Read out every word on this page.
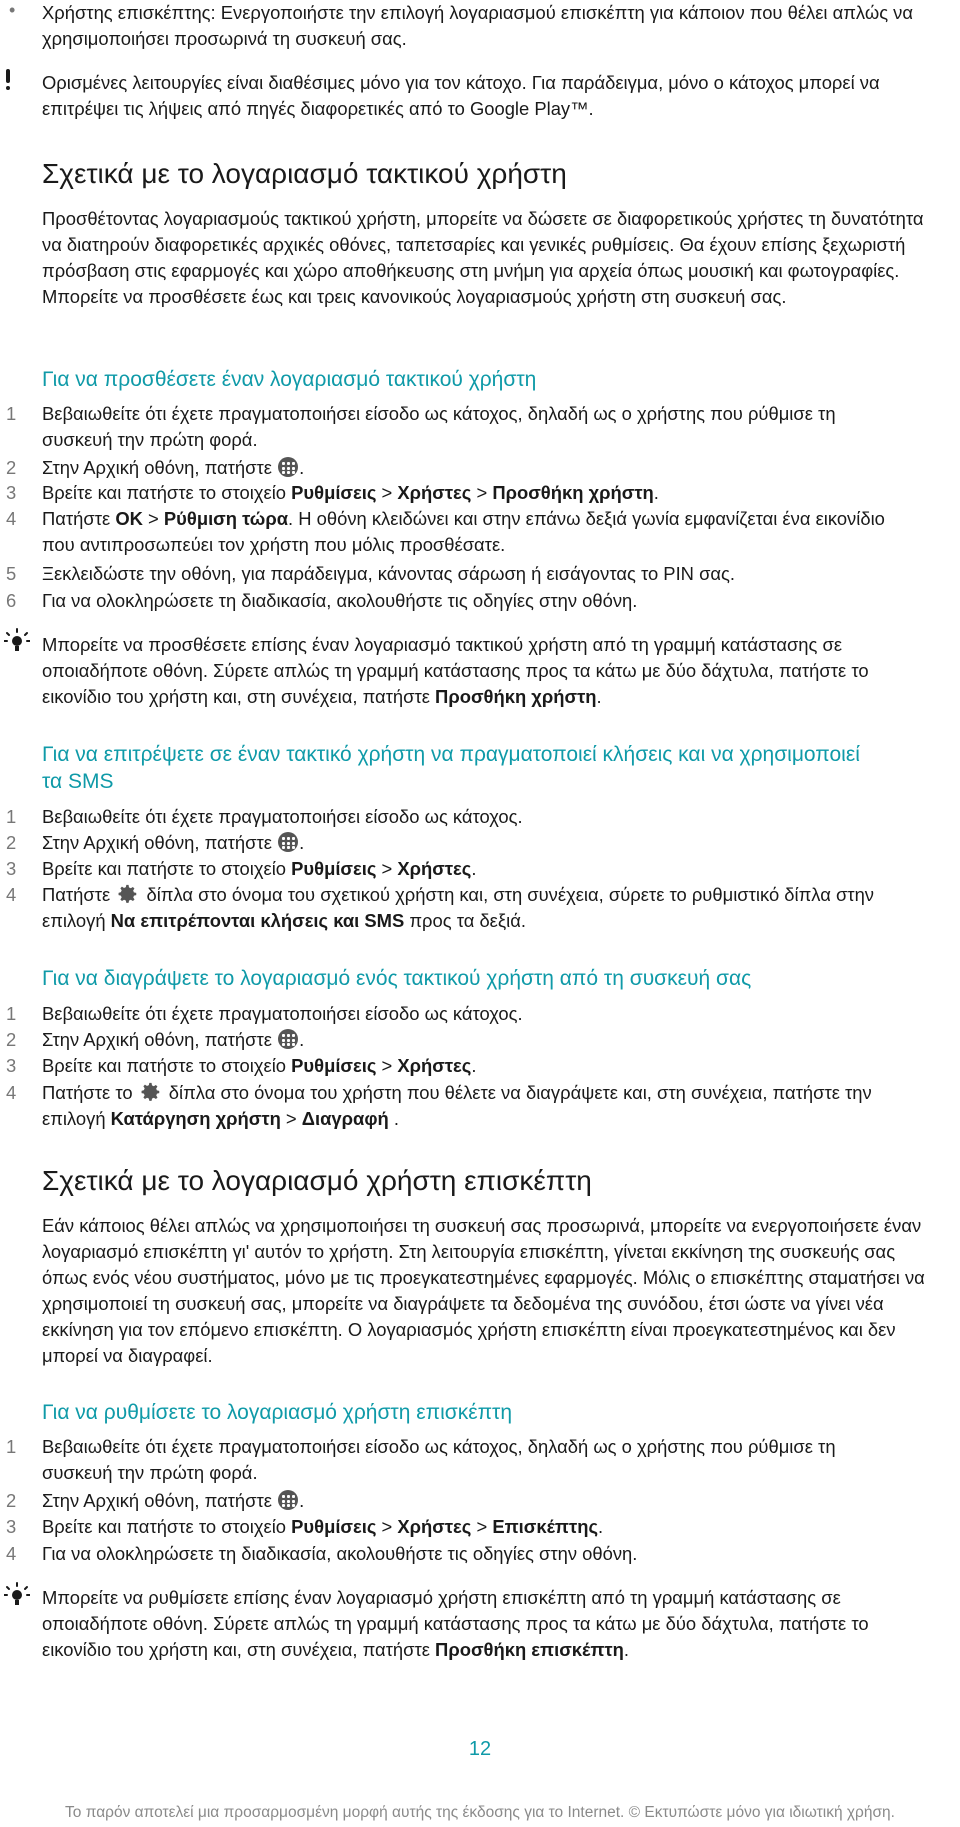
• Χρήστης επισκέπτης: Ενεργοποιήστε την επιλογή λογαριασμού επισκέπτη για κάποιον που θέλει απλώς να χρησιμοποιήσει προσωρινά τη συσκευή σας.
Ορισμένες λειτουργίες είναι διαθέσιμες μόνο για τον κάτοχο. Για παράδειγμα, μόνο ο κάτοχος μπορεί να επιτρέψει τις λήψεις από πηγές διαφορετικές από το Google Play™.
Σχετικά με το λογαριασμό τακτικού χρήστη
Προσθέτοντας λογαριασμούς τακτικού χρήστη, μπορείτε να δώσετε σε διαφορετικούς χρήστες τη δυνατότητα να διατηρούν διαφορετικές αρχικές οθόνες, ταπετσαρίες και γενικές ρυθμίσεις. Θα έχουν επίσης ξεχωριστή πρόσβαση στις εφαρμογές και χώρο αποθήκευσης στη μνήμη για αρχεία όπως μουσική και φωτογραφίες. Μπορείτε να προσθέσετε έως και τρεις κανονικούς λογαριασμούς χρήστη στη συσκευή σας.
Για να προσθέσετε έναν λογαριασμό τακτικού χρήστη
1 Βεβαιωθείτε ότι έχετε πραγματοποιήσει είσοδο ως κάτοχος, δηλαδή ως ο χρήστης που ρύθμισε τη συσκευή την πρώτη φορά.
2 Στην Αρχική οθόνη, πατήστε
.
3 Βρείτε και πατήστε το στοιχείο Ρυθμίσεις > Χρήστες > Προσθήκη χρήστη.
4 Πατήστε OK > Ρύθμιση τώρα. Η οθόνη κλειδώνει και στην επάνω δεξιά γωνία εμφανίζεται ένα εικονίδιο που αντιπροσωπεύει τον χρήστη που μόλις προσθέσατε.
5 Ξεκλειδώστε την οθόνη, για παράδειγμα, κάνοντας σάρωση ή εισάγοντας το PIN σας.
6 Για να ολοκληρώσετε τη διαδικασία, ακολουθήστε τις οδηγίες στην οθόνη.
Μπορείτε να προσθέσετε επίσης έναν λογαριασμό τακτικού χρήστη από τη γραμμή κατάστασης σε οποιαδήποτε οθόνη. Σύρετε απλώς τη γραμμή κατάστασης προς τα κάτω με δύο δάχτυλα, πατήστε το εικονίδιο του χρήστη και, στη συνέχεια, πατήστε Προσθήκη χρήστη.
Για να επιτρέψετε σε έναν τακτικό χρήστη να πραγματοποιεί κλήσεις και να χρησιμοποιεί τα SMS
1 Βεβαιωθείτε ότι έχετε πραγματοποιήσει είσοδο ως κάτοχος.
2 Στην Αρχική οθόνη, πατήστε
.
3 Βρείτε και πατήστε το στοιχείο Ρυθμίσεις > Χρήστες.
4 Πατήστε  δίπλα στο όνομα του σχετικού χρήστη και, στη συνέχεια, σύρετε το ρυθμιστικό δίπλα στην επιλογή Να επιτρέπονται κλήσεις και SMS προς τα δεξιά.
Για να διαγράψετε το λογαριασμό ενός τακτικού χρήστη από τη συσκευή σας
1 Βεβαιωθείτε ότι έχετε πραγματοποιήσει είσοδο ως κάτοχος.
2 Στην Αρχική οθόνη, πατήστε
.
3 Βρείτε και πατήστε το στοιχείο Ρυθμίσεις > Χρήστες.
4 Πατήστε το  δίπλα στο όνομα του χρήστη που θέλετε να διαγράψετε και, στη συνέχεια, πατήστε την επιλογή Κατάργηση χρήστη > Διαγραφή .
Σχετικά με το λογαριασμό χρήστη επισκέπτη
Εάν κάποιος θέλει απλώς να χρησιμοποιήσει τη συσκευή σας προσωρινά, μπορείτε να ενεργοποιήσετε έναν λογαριασμό επισκέπτη γι' αυτόν το χρήστη. Στη λειτουργία επισκέπτη, γίνεται εκκίνηση της συσκευής σας όπως ενός νέου συστήματος, μόνο με τις προεγκατεστημένες εφαρμογές. Μόλις ο επισκέπτης σταματήσει να χρησιμοποιεί τη συσκευή σας, μπορείτε να διαγράψετε τα δεδομένα της συνόδου, έτσι ώστε να γίνει νέα εκκίνηση για τον επόμενο επισκέπτη. Ο λογαριασμός χρήστη επισκέπτη είναι προεγκατεστημένος και δεν μπορεί να διαγραφεί.
Για να ρυθμίσετε το λογαριασμό χρήστη επισκέπτη
1 Βεβαιωθείτε ότι έχετε πραγματοποιήσει είσοδο ως κάτοχος, δηλαδή ως ο χρήστης που ρύθμισε τη συσκευή την πρώτη φορά.
2 Στην Αρχική οθόνη, πατήστε
.
3 Βρείτε και πατήστε το στοιχείο Ρυθμίσεις > Χρήστες > Επισκέπτης.
4 Για να ολοκληρώσετε τη διαδικασία, ακολουθήστε τις οδηγίες στην οθόνη.
Μπορείτε να ρυθμίσετε επίσης έναν λογαριασμό χρήστη επισκέπτη από τη γραμμή κατάστασης σε οποιαδήποτε οθόνη. Σύρετε απλώς τη γραμμή κατάστασης προς τα κάτω με δύο δάχτυλα, πατήστε το εικονίδιο του χρήστη και, στη συνέχεια, πατήστε Προσθήκη επισκέπτη.
12
Το παρόν αποτελεί μια προσαρμοσμένη μορφή αυτής της έκδοσης για το Internet. © Εκτυπώστε μόνο για ιδιωτική χρήση.
